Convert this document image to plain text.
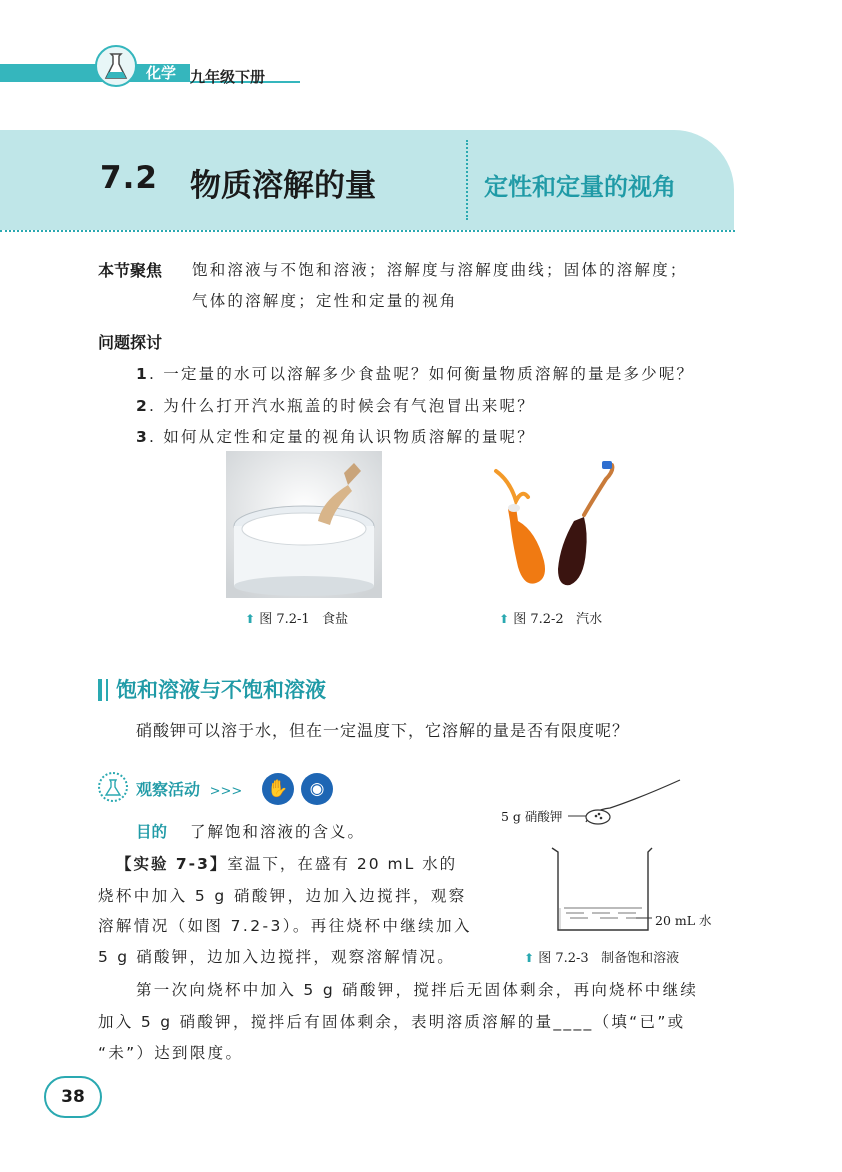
化学 九年级下册
7.2 物质溶解的量	定性和定量的视角
本节聚焦 饱和溶液与不饱和溶液；溶解度与溶解度曲线；固体的溶解度；
气体的溶解度；定性和定量的视角
问题探讨
1. 一定量的水可以溶解多少食盐呢？如何衡量物质溶解的量是多少呢？
2. 为什么打开汽水瓶盖的时候会有气泡冒出来呢？
3. 如何从定性和定量的视角认识物质溶解的量呢？
⬆ 图 7.2-1 食盐	⬆ 图 7.2-2 汽水
饱和溶液与不饱和溶液
硝酸钾可以溶于水，但在一定温度下，它溶解的量是否有限度呢？
观察活动 >>>	✋	◉
目的 了解饱和溶液的含义。
【实验 7-3】室温下，在盛有 20 mL 水的
烧杯中加入 5 g 硝酸钾，边加入边搅拌，观察
溶解情况（如图 7.2-3）。再往烧杯中继续加入
5 g 硝酸钾，边加入边搅拌，观察溶解情况。
5 g 硝酸钾
20 mL 水
⬆ 图 7.2-3 制备饱和溶液
第一次向烧杯中加入 5 g 硝酸钾，搅拌后无固体剩余，再向烧杯中继续
加入 5 g 硝酸钾，搅拌后有固体剩余，表明溶质溶解的量____（填“已”或
“未”）达到限度。
38
